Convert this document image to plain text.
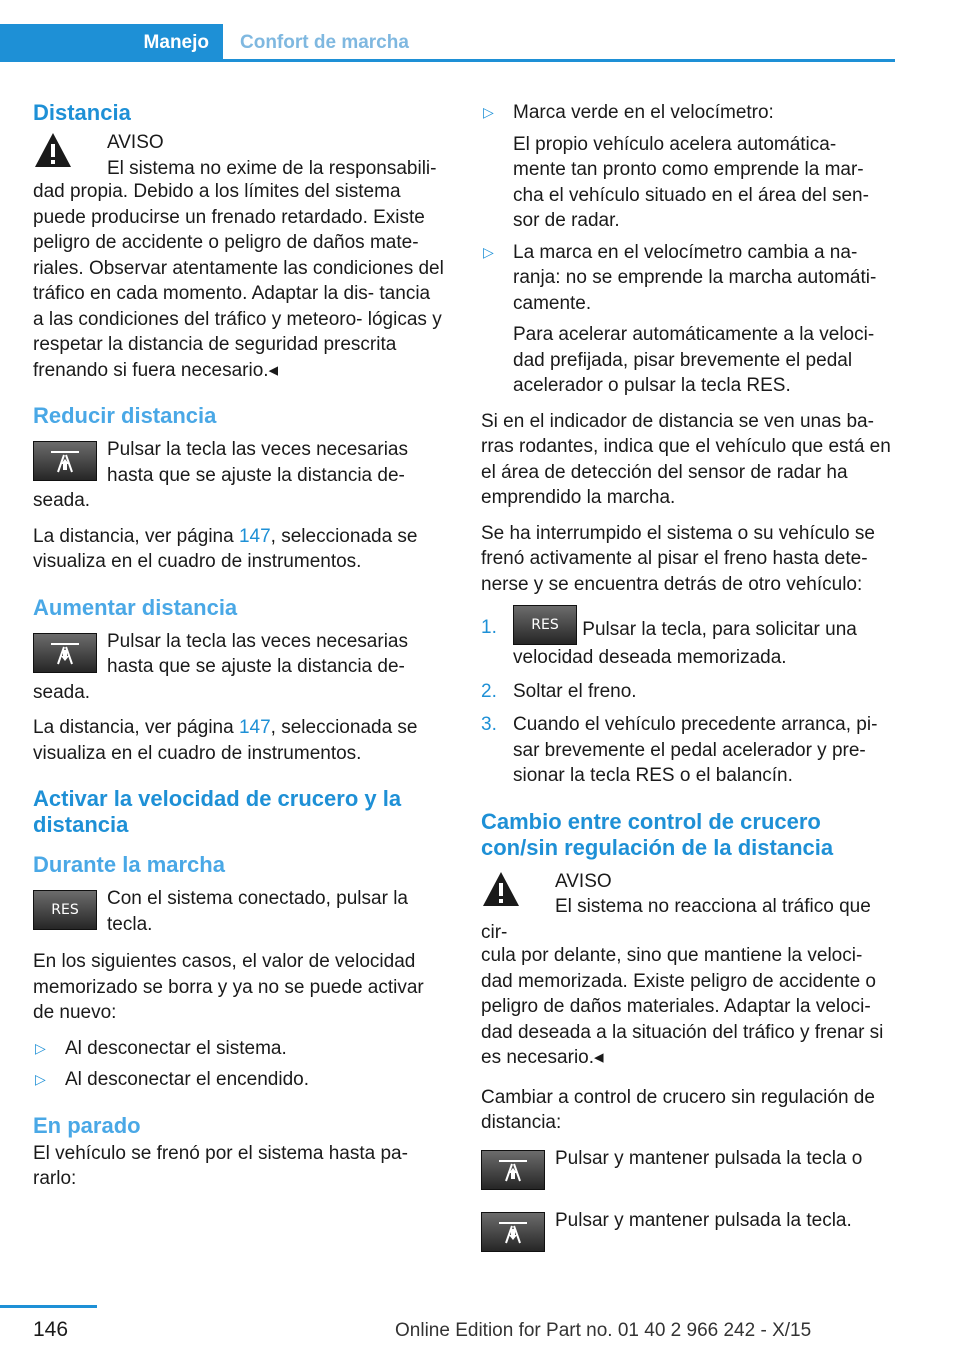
Manejo	Confort de marcha
Distancia
AVISO
El sistema no exime de la responsabili‐
dad propia. Debido a los límites del sistema puede producirse un frenado retardado. Existe peligro de accidente o peligro de daños mate‐ riales. Observar atentamente las condiciones del tráfico en cada momento. Adaptar la dis‐ tancia a las condiciones del tráfico y meteoro‐ lógicas y respetar la distancia de seguridad prescrita frenando si fuera necesario.◂
Reducir distancia

Pulsar la tecla las veces necesarias hasta que se ajuste la distancia de‐

seada.

La distancia, ver página 147, seleccionada se visualiza en el cuadro de instrumentos.

Aumentar distancia

Pulsar la tecla las veces necesarias hasta que se ajuste la distancia de‐

seada.

La distancia, ver página 147, seleccionada se visualiza en el cuadro de instrumentos.

Activar la velocidad de crucero y la distancia
Durante la marcha
RES

Con el sistema conectado, pulsar la tecla.

En los siguientes casos, el valor de velocidad memorizado se borra y ya no se puede activar de nuevo:

▷ Al desconectar el sistema.
▷ Al desconectar el encendido.
En parado

El vehículo se frenó por el sistema hasta pa‐ rarlo:

▷ Marca verde en el velocímetro:
El propio vehículo acelera automática‐ mente tan pronto como emprende la mar‐ cha el vehículo situado en el área del sen‐ sor de radar.
▷ La marca en el velocímetro cambia a na‐ ranja: no se emprende la marcha automáti‐ camente.
Para acelerar automáticamente a la veloci‐ dad prefijada, pisar brevemente el pedal acelerador o pulsar la tecla RES.

Si en el indicador de distancia se ven unas ba‐ rras rodantes, indica que el vehículo que está en el área de detección del sensor de radar ha emprendido la marcha.

Se ha interrumpido el sistema o su vehículo se frenó activamente al pisar el freno hasta dete‐ nerse y se encuentra detrás de otro vehículo:

1. RES Pulsar la tecla, para solicitar una velocidad deseada memorizada.
2. Soltar el freno.
3. Cuando el vehículo precedente arranca, pi‐ sar brevemente el pedal acelerador y pre‐ sionar la tecla RES o el balancín.
Cambio entre control de crucero con/sin regulación de la distancia
AVISO
El sistema no reacciona al tráfico que cir‐
cula por delante, sino que mantiene la veloci‐ dad memorizada. Existe peligro de accidente o peligro de daños materiales. Adaptar la veloci‐ dad deseada a la situación del tráfico y frenar si es necesario.◂

Cambiar a control de crucero sin regulación de distancia:

Pulsar y mantener pulsada la tecla o

Pulsar y mantener pulsada la tecla.

146	Online Edition for Part no. 01 40 2 966 242 - X/15
